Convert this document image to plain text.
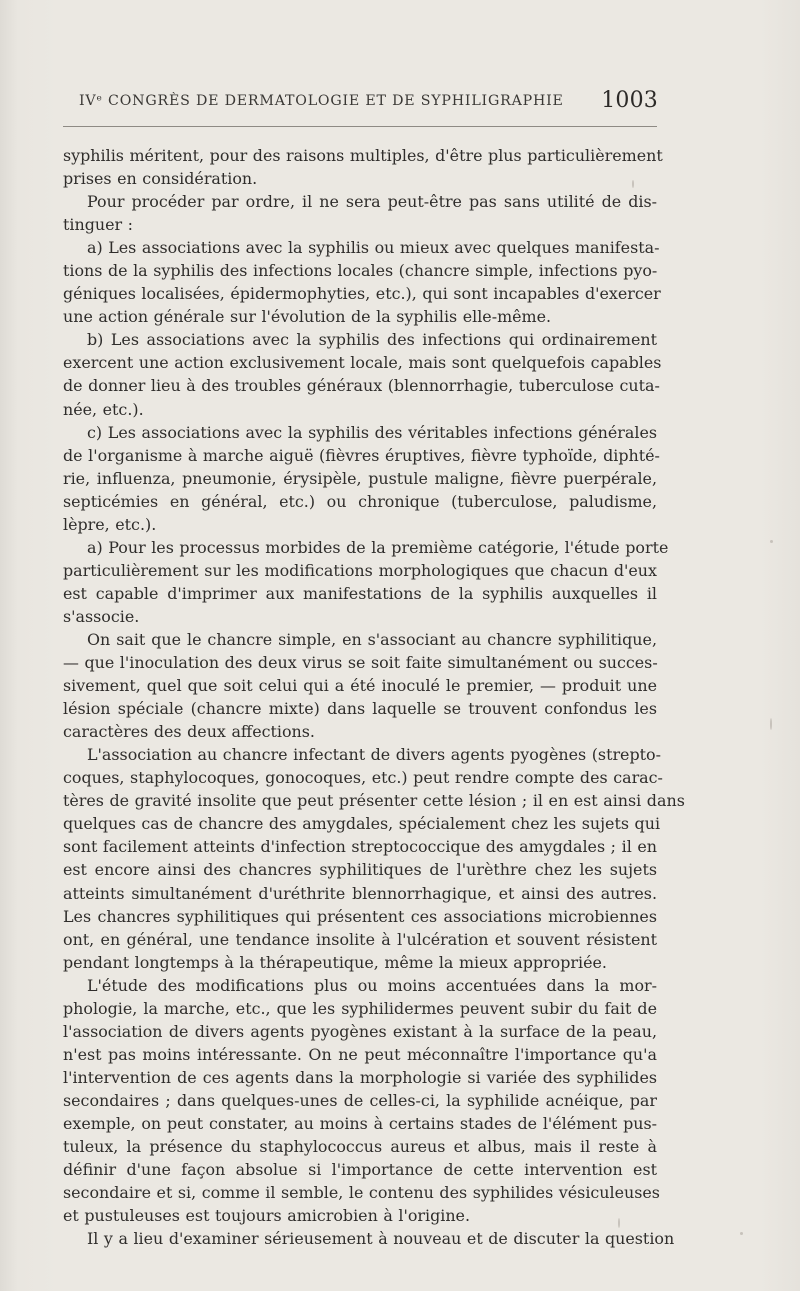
IVᵉ CONGRÈS DE DERMATOLOGIE ET DE SYPHILIGRAPHIE 1003
syphilis méritent, pour des raisons multiples, d'être plus particulièrement
prises en considération.
Pour procéder par ordre, il ne sera peut-être pas sans utilité de dis-
tinguer :
a) Les associations avec la syphilis ou mieux avec quelques manifesta-
tions de la syphilis des infections locales (chancre simple, infections pyo-
géniques localisées, épidermophyties, etc.), qui sont incapables d'exercer
une action générale sur l'évolution de la syphilis elle-même.
b) Les associations avec la syphilis des infections qui ordinairement
exercent une action exclusivement locale, mais sont quelquefois capables
de donner lieu à des troubles généraux (blennorrhagie, tuberculose cuta-
née, etc.).
c) Les associations avec la syphilis des véritables infections générales
de l'organisme à marche aiguë (fièvres éruptives, fièvre typhoïde, diphté-
rie, influenza, pneumonie, érysipèle, pustule maligne, fièvre puerpérale,
septicémies en général, etc.) ou chronique (tuberculose, paludisme,
lèpre, etc.).
a) Pour les processus morbides de la premième catégorie, l'étude porte
particulièrement sur les modifications morphologiques que chacun d'eux
est capable d'imprimer aux manifestations de la syphilis auxquelles il
s'associe.
On sait que le chancre simple, en s'associant au chancre syphilitique,
— que l'inoculation des deux virus se soit faite simultanément ou succes-
sivement, quel que soit celui qui a été inoculé le premier, — produit une
lésion spéciale (chancre mixte) dans laquelle se trouvent confondus les
caractères des deux affections.
L'association au chancre infectant de divers agents pyogènes (strepto-
coques, staphylocoques, gonocoques, etc.) peut rendre compte des carac-
tères de gravité insolite que peut présenter cette lésion ; il en est ainsi dans
quelques cas de chancre des amygdales, spécialement chez les sujets qui
sont facilement atteints d'infection streptococcique des amygdales ; il en
est encore ainsi des chancres syphilitiques de l'urèthre chez les sujets
atteints simultanément d'uréthrite blennorrhagique, et ainsi des autres.
Les chancres syphilitiques qui présentent ces associations microbiennes
ont, en général, une tendance insolite à l'ulcération et souvent résistent
pendant longtemps à la thérapeutique, même la mieux appropriée.
L'étude des modifications plus ou moins accentuées dans la mor-
phologie, la marche, etc., que les syphilidermes peuvent subir du fait de
l'association de divers agents pyogènes existant à la surface de la peau,
n'est pas moins intéressante. On ne peut méconnaître l'importance qu'a
l'intervention de ces agents dans la morphologie si variée des syphilides
secondaires ; dans quelques-unes de celles-ci, la syphilide acnéique, par
exemple, on peut constater, au moins à certains stades de l'élément pus-
tuleux, la présence du staphylococcus aureus et albus, mais il reste à
définir d'une façon absolue si l'importance de cette intervention est
secondaire et si, comme il semble, le contenu des syphilides vésiculeuses
et pustuleuses est toujours amicrobien à l'origine.
Il y a lieu d'examiner sérieusement à nouveau et de discuter la question
